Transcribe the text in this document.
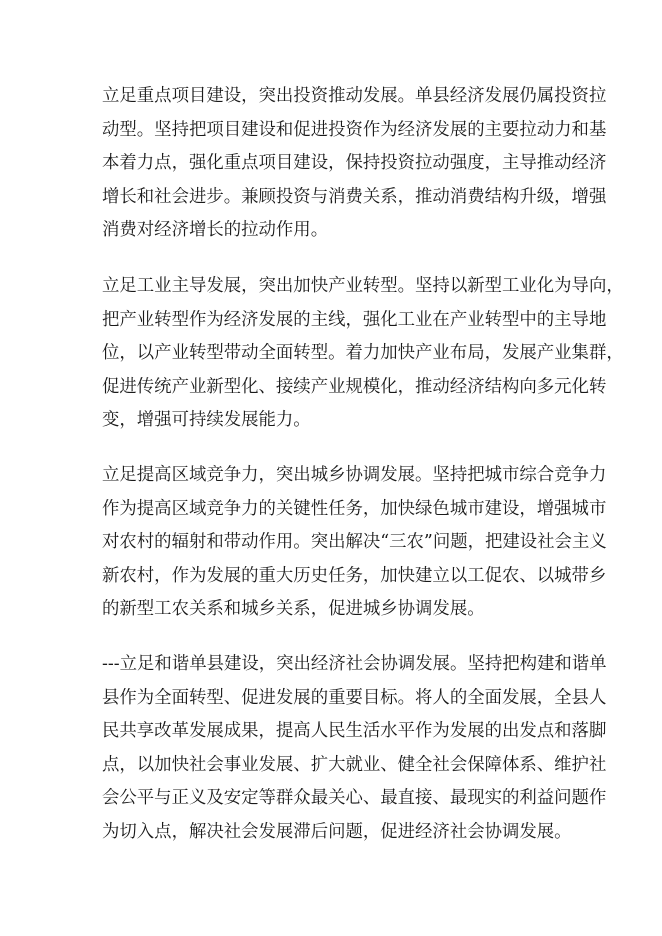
立足重点项目建设，突出投资推动发展。单县经济发展仍属投资拉
动型。坚持把项目建设和促进投资作为经济发展的主要拉动力和基
本着力点，强化重点项目建设，保持投资拉动强度，主导推动经济
增长和社会进步。兼顾投资与消费关系，推动消费结构升级，增强
消费对经济增长的拉动作用。
立足工业主导发展，突出加快产业转型。坚持以新型工业化为导向，
把产业转型作为经济发展的主线，强化工业在产业转型中的主导地
位，以产业转型带动全面转型。着力加快产业布局，发展产业集群，
促进传统产业新型化、接续产业规模化，推动经济结构向多元化转
变，增强可持续发展能力。
立足提高区域竞争力，突出城乡协调发展。坚持把城市综合竞争力
作为提高区域竞争力的关键性任务，加快绿色城市建设，增强城市
对农村的辐射和带动作用。突出解决“三农”问题，把建设社会主义
新农村，作为发展的重大历史任务，加快建立以工促农、以城带乡
的新型工农关系和城乡关系，促进城乡协调发展。
---立足和谐单县建设，突出经济社会协调发展。坚持把构建和谐单
县作为全面转型、促进发展的重要目标。将人的全面发展，全县人
民共享改革发展成果，提高人民生活水平作为发展的出发点和落脚
点，以加快社会事业发展、扩大就业、健全社会保障体系、维护社
会公平与正义及安定等群众最关心、最直接、最现实的利益问题作
为切入点，解决社会发展滞后问题，促进经济社会协调发展。
